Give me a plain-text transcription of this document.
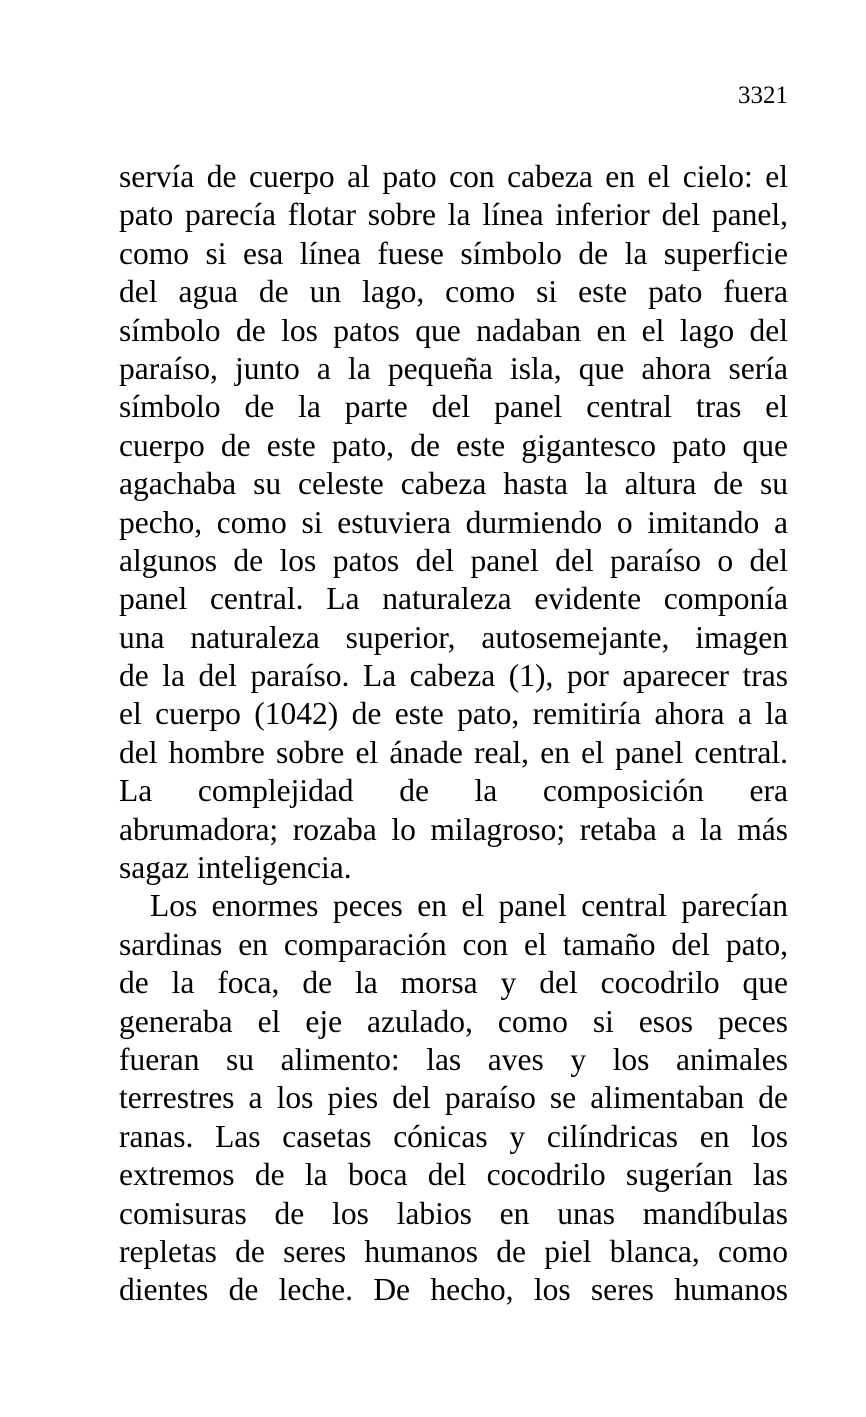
3321
servía de cuerpo al pato con cabeza en el cielo: el
pato parecía flotar sobre la línea inferior del panel,
como si esa línea fuese símbolo de la superficie
del agua de un lago, como si este pato fuera
símbolo de los patos que nadaban en el lago del
paraíso, junto a la pequeña isla, que ahora sería
símbolo de la parte del panel central tras el
cuerpo de este pato, de este gigantesco pato que
agachaba su celeste cabeza hasta la altura de su
pecho, como si estuviera durmiendo o imitando a
algunos de los patos del panel del paraíso o del
panel central. La naturaleza evidente componía
una naturaleza superior, autosemejante, imagen
de la del paraíso. La cabeza (1), por aparecer tras
el cuerpo (1042) de este pato, remitiría ahora a la
del hombre sobre el ánade real, en el panel central.
La complejidad de la composición era
abrumadora; rozaba lo milagroso; retaba a la más
sagaz inteligencia.
Los enormes peces en el panel central parecían
sardinas en comparación con el tamaño del pato,
de la foca, de la morsa y del cocodrilo que
generaba el eje azulado, como si esos peces
fueran su alimento: las aves y los animales
terrestres a los pies del paraíso se alimentaban de
ranas. Las casetas cónicas y cilíndricas en los
extremos de la boca del cocodrilo sugerían las
comisuras de los labios en unas mandíbulas
repletas de seres humanos de piel blanca, como
dientes de leche. De hecho, los seres humanos
